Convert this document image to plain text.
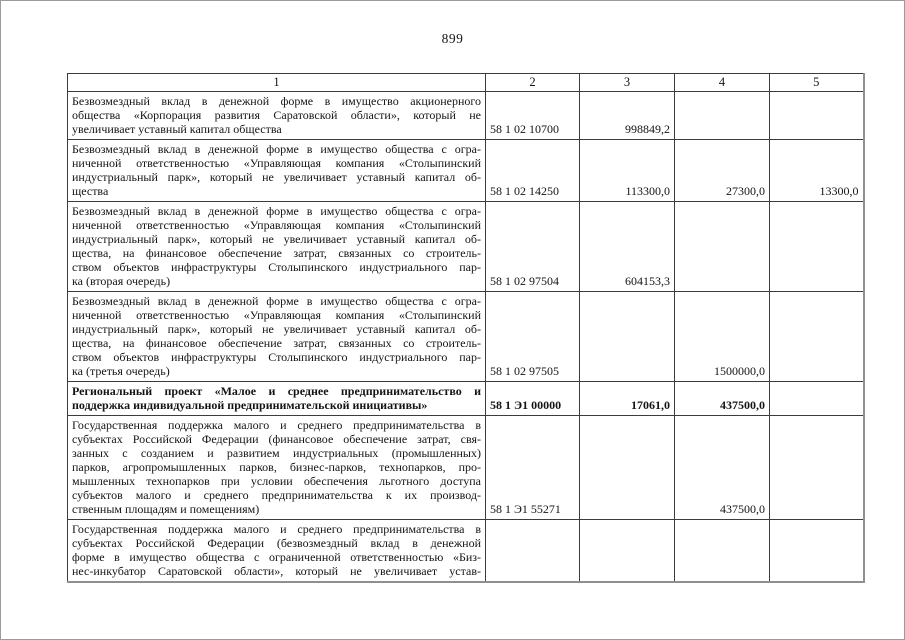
899
1	2	3	4	5

Безвозмездный вклад в денежной форме в имущество акционерного
общества «Корпорация развития Саратовской области», который не
увеличивает уставный капитал общества	58 1 02 10700	998849,2		

Безвозмездный вклад в денежной форме в имущество общества с огра-
ниченной ответственностью «Управляющая компания «Столыпинский
индустриальный парк», который не увеличивает уставный капитал об-
щества	58 1 02 14250	113300,0	27300,0	13300,0

Безвозмездный вклад в денежной форме в имущество общества с огра-
ниченной ответственностью «Управляющая компания «Столыпинский
индустриальный парк», который не увеличивает уставный капитал об-
щества, на финансовое обеспечение затрат, связанных со строитель-
ством объектов инфраструктуры Столыпинского индустриального пар-
ка (вторая очередь)	58 1 02 97504	604153,3		

Безвозмездный вклад в денежной форме в имущество общества с огра-
ниченной ответственностью «Управляющая компания «Столыпинский
индустриальный парк», который не увеличивает уставный капитал об-
щества, на финансовое обеспечение затрат, связанных со строитель-
ством объектов инфраструктуры Столыпинского индустриального пар-
ка (третья очередь)	58 1 02 97505		1500000,0	

Региональный проект «Малое и среднее предпринимательство и
поддержка индивидуальной предпринимательской инициативы»	58 1 Э1 00000	17061,0	437500,0	

Государственная поддержка малого и среднего предпринимательства в
субъектах Российской Федерации (финансовое обеспечение затрат, свя-
занных с созданием и развитием индустриальных (промышленных)
парков, агропромышленных парков, бизнес-парков, технопарков, про-
мышленных технопарков при условии обеспечения льготного доступа
субъектов малого и среднего предпринимательства к их производ-
ственным площадям и помещениям)	58 1 Э1 55271		437500,0	

Государственная поддержка малого и среднего предпринимательства в
субъектах Российской Федерации (безвозмездный вклад в денежной
форме в имущество общества с ограниченной ответственностью «Биз-
нес-инкубатор Саратовской области», который не увеличивает устав-				
